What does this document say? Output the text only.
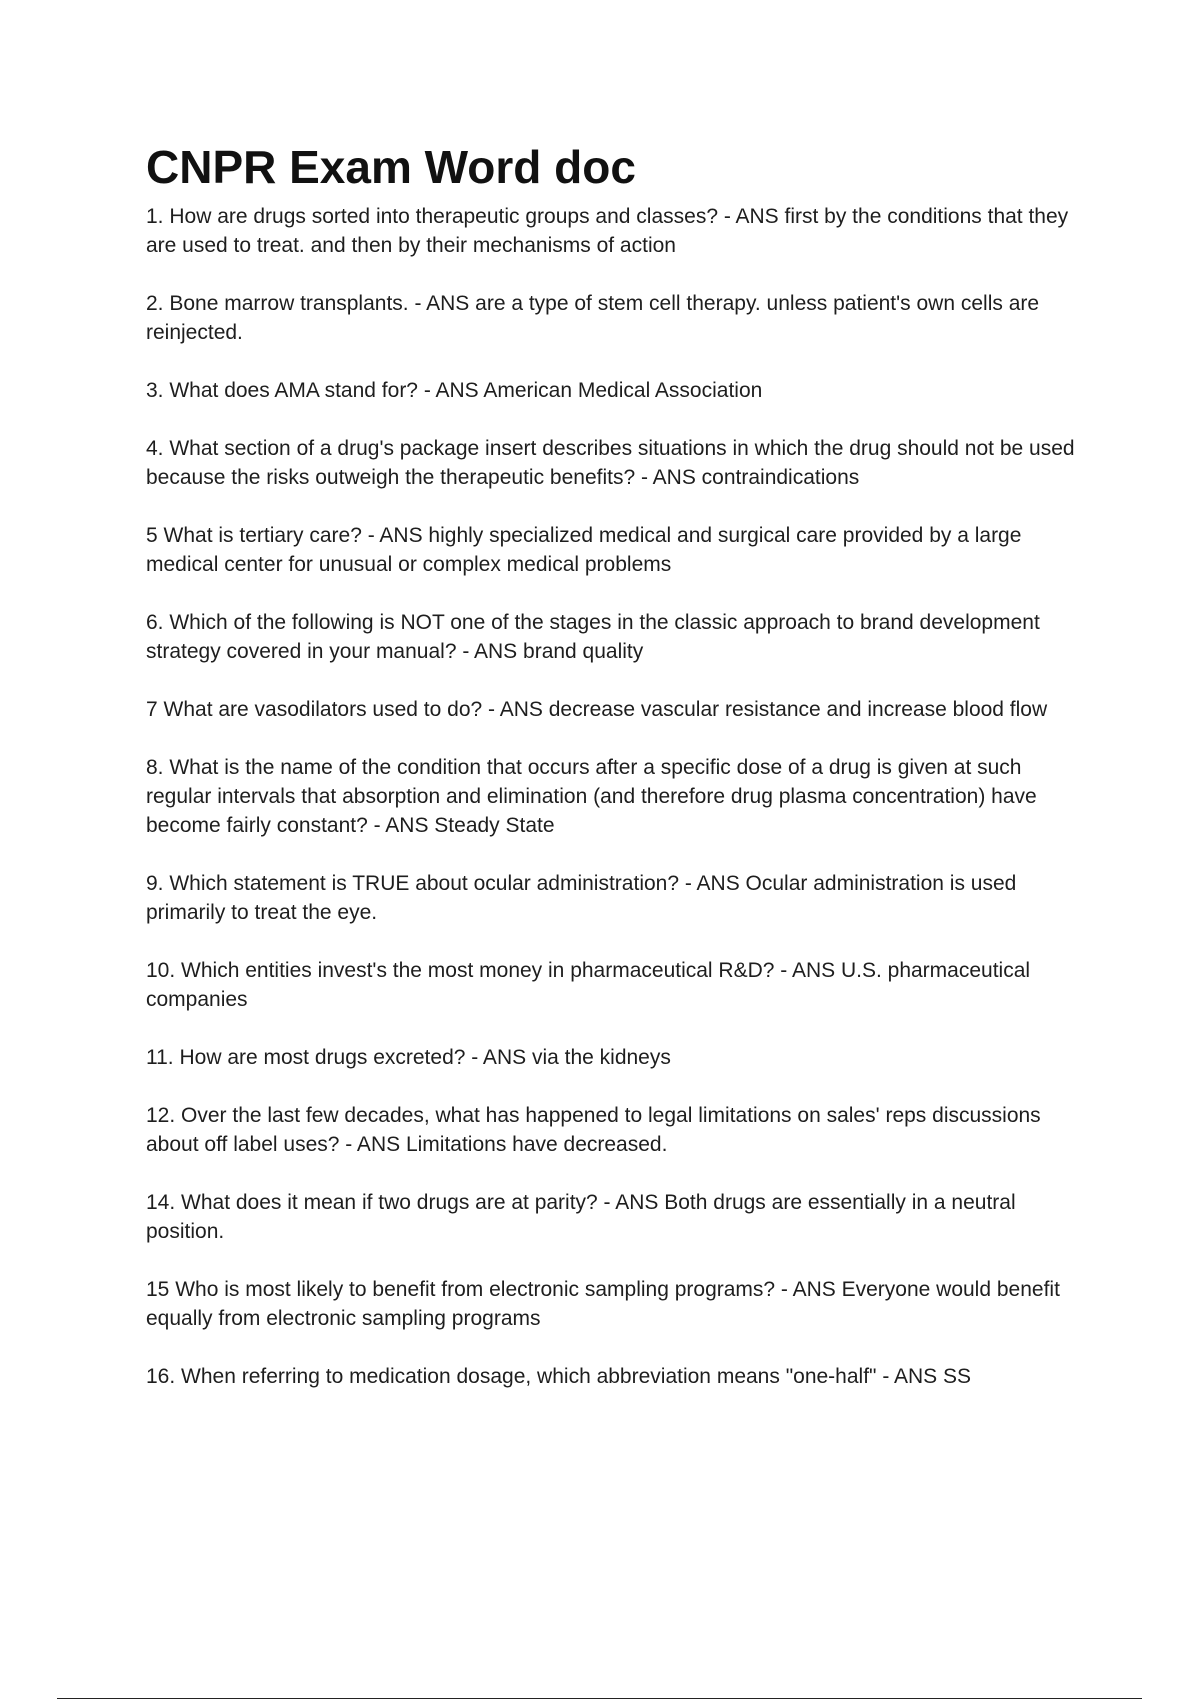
CNPR Exam Word doc
1. How are drugs sorted into therapeutic groups and classes? - ANS first by the conditions that they are used to treat. and then by their mechanisms of action
2. Bone marrow transplants. - ANS are a type of stem cell therapy. unless patient's own cells are reinjected.
3. What does AMA stand for? - ANS American Medical Association
4. What section of a drug's package insert describes situations in which the drug should not be used because the risks outweigh the therapeutic benefits? - ANS contraindications
5 What is tertiary care? - ANS highly specialized medical and surgical care provided by a large medical center for unusual or complex medical problems
6. Which of the following is NOT one of the stages in the classic approach to brand development strategy covered in your manual? - ANS brand quality
7 What are vasodilators used to do? - ANS decrease vascular resistance and increase blood flow
8. What is the name of the condition that occurs after a specific dose of a drug is given at such regular intervals that absorption and elimination (and therefore drug plasma concentration) have become fairly constant? - ANS Steady State
9. Which statement is TRUE about ocular administration? - ANS Ocular administration is used primarily to treat the eye.
10. Which entities invest's the most money in pharmaceutical R&D? - ANS U.S. pharmaceutical companies
11. How are most drugs excreted? - ANS via the kidneys
12. Over the last few decades, what has happened to legal limitations on sales' reps discussions about off label uses? - ANS Limitations have decreased.
14. What does it mean if two drugs are at parity? - ANS Both drugs are essentially in a neutral position.
15 Who is most likely to benefit from electronic sampling programs? - ANS Everyone would benefit equally from electronic sampling programs
16. When referring to medication dosage, which abbreviation means "one-half" - ANS SS
